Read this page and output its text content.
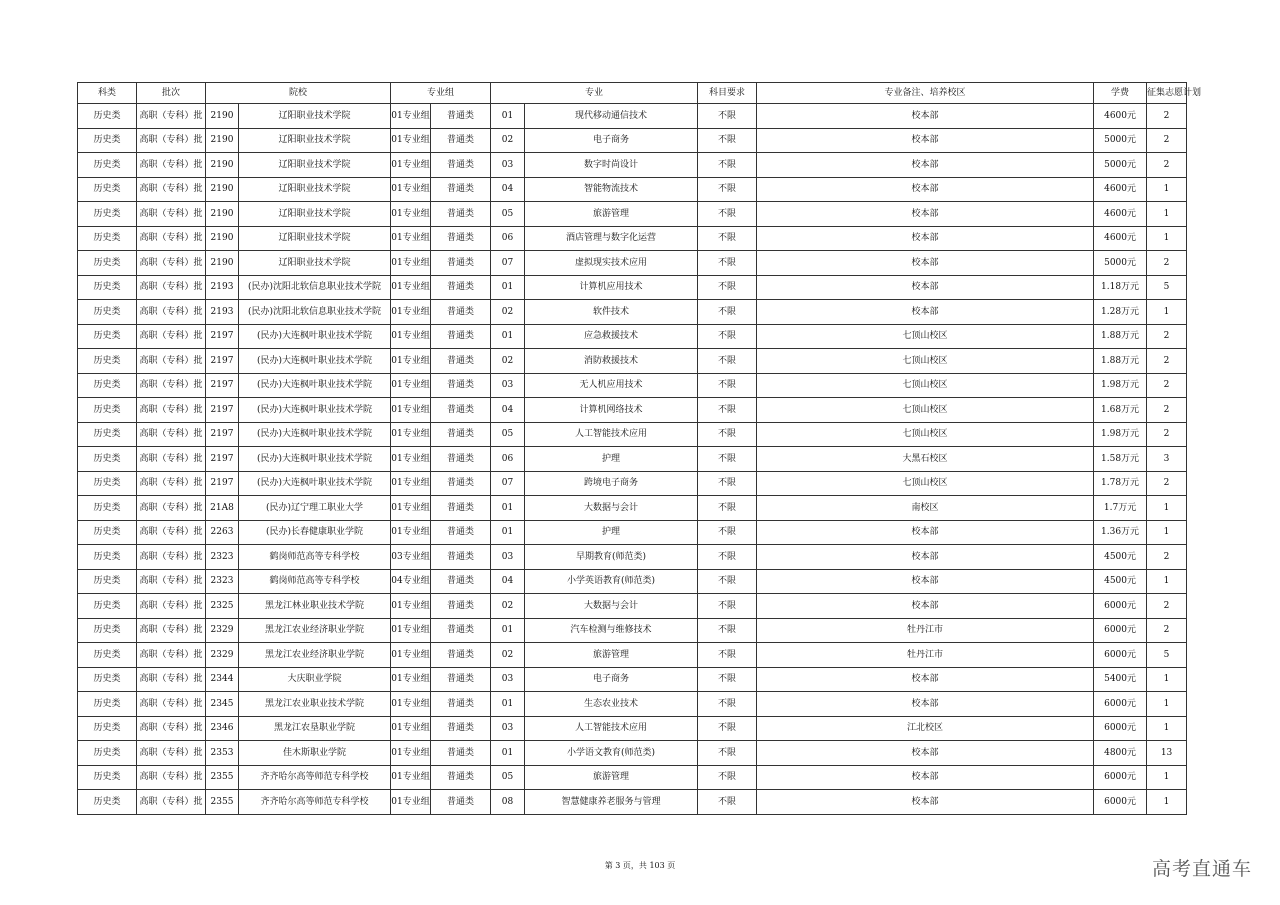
科类	批次	院校		专业组		专业		科目要求	专业备注、培养校区	学费	征集志愿计划
历史类	高职（专科）批	2190	辽阳职业技术学院	01专业组	普通类	01	现代移动通信技术	不限	校本部	4600元	2
历史类	高职（专科）批	2190	辽阳职业技术学院	01专业组	普通类	02	电子商务	不限	校本部	5000元	2
历史类	高职（专科）批	2190	辽阳职业技术学院	01专业组	普通类	03	数字时尚设计	不限	校本部	5000元	2
历史类	高职（专科）批	2190	辽阳职业技术学院	01专业组	普通类	04	智能物流技术	不限	校本部	4600元	1
历史类	高职（专科）批	2190	辽阳职业技术学院	01专业组	普通类	05	旅游管理	不限	校本部	4600元	1
历史类	高职（专科）批	2190	辽阳职业技术学院	01专业组	普通类	06	酒店管理与数字化运营	不限	校本部	4600元	1
历史类	高职（专科）批	2190	辽阳职业技术学院	01专业组	普通类	07	虚拟现实技术应用	不限	校本部	5000元	2
历史类	高职（专科）批	2193	(民办)沈阳北软信息职业技术学院	01专业组	普通类	01	计算机应用技术	不限	校本部	1.18万元	5
历史类	高职（专科）批	2193	(民办)沈阳北软信息职业技术学院	01专业组	普通类	02	软件技术	不限	校本部	1.28万元	1
历史类	高职（专科）批	2197	(民办)大连枫叶职业技术学院	01专业组	普通类	01	应急救援技术	不限	七顶山校区	1.88万元	2
历史类	高职（专科）批	2197	(民办)大连枫叶职业技术学院	01专业组	普通类	02	消防救援技术	不限	七顶山校区	1.88万元	2
历史类	高职（专科）批	2197	(民办)大连枫叶职业技术学院	01专业组	普通类	03	无人机应用技术	不限	七顶山校区	1.98万元	2
历史类	高职（专科）批	2197	(民办)大连枫叶职业技术学院	01专业组	普通类	04	计算机网络技术	不限	七顶山校区	1.68万元	2
历史类	高职（专科）批	2197	(民办)大连枫叶职业技术学院	01专业组	普通类	05	人工智能技术应用	不限	七顶山校区	1.98万元	2
历史类	高职（专科）批	2197	(民办)大连枫叶职业技术学院	01专业组	普通类	06	护理	不限	大黑石校区	1.58万元	3
历史类	高职（专科）批	2197	(民办)大连枫叶职业技术学院	01专业组	普通类	07	跨境电子商务	不限	七顶山校区	1.78万元	2
历史类	高职（专科）批	21A8	(民办)辽宁理工职业大学	01专业组	普通类	01	大数据与会计	不限	南校区	1.7万元	1
历史类	高职（专科）批	2263	(民办)长春健康职业学院	01专业组	普通类	01	护理	不限	校本部	1.36万元	1
历史类	高职（专科）批	2323	鹤岗师范高等专科学校	03专业组	普通类	03	早期教育(师范类)	不限	校本部	4500元	2
历史类	高职（专科）批	2323	鹤岗师范高等专科学校	04专业组	普通类	04	小学英语教育(师范类)	不限	校本部	4500元	1
历史类	高职（专科）批	2325	黑龙江林业职业技术学院	01专业组	普通类	02	大数据与会计	不限	校本部	6000元	2
历史类	高职（专科）批	2329	黑龙江农业经济职业学院	01专业组	普通类	01	汽车检测与维修技术	不限	牡丹江市	6000元	2
历史类	高职（专科）批	2329	黑龙江农业经济职业学院	01专业组	普通类	02	旅游管理	不限	牡丹江市	6000元	5
历史类	高职（专科）批	2344	大庆职业学院	01专业组	普通类	03	电子商务	不限	校本部	5400元	1
历史类	高职（专科）批	2345	黑龙江农业职业技术学院	01专业组	普通类	01	生态农业技术	不限	校本部	6000元	1
历史类	高职（专科）批	2346	黑龙江农垦职业学院	01专业组	普通类	03	人工智能技术应用	不限	江北校区	6000元	1
历史类	高职（专科）批	2353	佳木斯职业学院	01专业组	普通类	01	小学语文教育(师范类)	不限	校本部	4800元	13
历史类	高职（专科）批	2355	齐齐哈尔高等师范专科学校	01专业组	普通类	05	旅游管理	不限	校本部	6000元	1
历史类	高职（专科）批	2355	齐齐哈尔高等师范专科学校	01专业组	普通类	08	智慧健康养老服务与管理	不限	校本部	6000元	1
第 3 页，共 103 页	高考直通车
